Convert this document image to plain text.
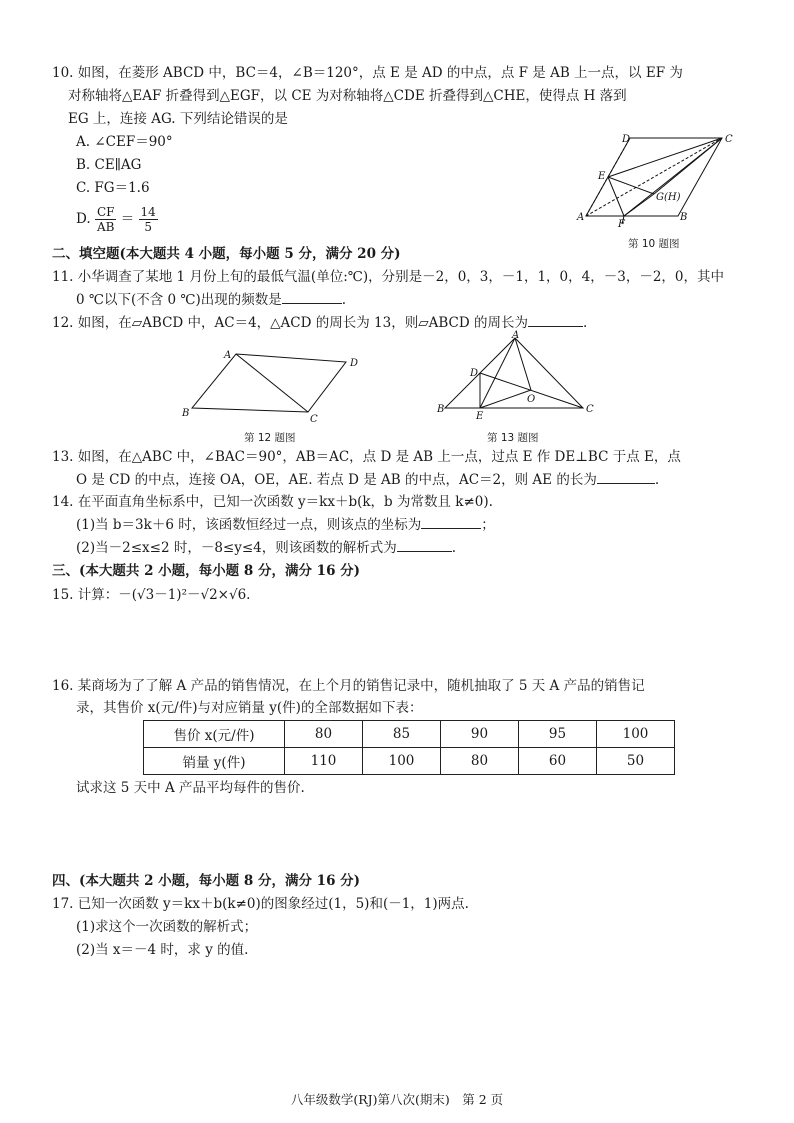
10. 如图，在菱形 ABCD 中，BC＝4，∠B＝120°，点 E 是 AD 的中点，点 F 是 AB 上一点，以 EF 为
对称轴将△EAF 折叠得到△EGF，以 CE 为对称轴将△CDE 折叠得到△CHE，使得点 H 落到
EG 上，连接 AG. 下列结论错误的是
A. ∠CEF＝90°
B. CE∥AG
C. FG＝1.6
D. $\frac{CF}{AB} = \frac{14}{5}$
D	C
E
G(H)
A
F
B
第 10 题图
二、填空题(本大题共 4 小题，每小题 5 分，满分 20 分)
11. 小华调查了某地 1 月份上旬的最低气温(单位:℃)，分别是－2，0，3，－1，1，0，4，－3，－2，0，其中
0 ℃以下(不含 0 ℃)出现的频数是	.
12. 如图，在▱ABCD 中，AC＝4，△ACD 的周长为 13，则▱ABCD 的周长为	.
A
D
B
C
第 12 题图
A
D
B
E
O
C
第 13 题图
13. 如图，在△ABC 中，∠BAC＝90°，AB＝AC，点 D 是 AB 上一点，过点 E 作 DE⊥BC 于点 E，点
O 是 CD 的中点，连接 OA，OE，AE. 若点 D 是 AB 的中点，AC＝2，则 AE 的长为	.
14. 在平面直角坐标系中，已知一次函数 y＝kx＋b(k，b 为常数且 k≠0).
(1)当 b＝3k＋6 时，该函数恒经过一点，则该点的坐标为	；
(2)当－2≤x≤2 时，－8≤y≤4，则该函数的解析式为	.
三、(本大题共 2 小题，每小题 8 分，满分 16 分)
15. 计算：－(√3－1)²－√2×√6.
16. 某商场为了了解 A 产品的销售情况，在上个月的销售记录中，随机抽取了 5 天 A 产品的销售记
录，其售价 x(元/件)与对应销量 y(件)的全部数据如下表：
售价 x(元/件)	80	85	90	95	100
销量 y(件)	110	100	80	60	50
试求这 5 天中 A 产品平均每件的售价.
四、(本大题共 2 小题，每小题 8 分，满分 16 分)
17. 已知一次函数 y＝kx＋b(k≠0)的图象经过(1，5)和(－1，1)两点.
(1)求这个一次函数的解析式；
(2)当 x＝－4 时，求 y 的值.
八年级数学(RJ)第八次(期末)　第 2 页
